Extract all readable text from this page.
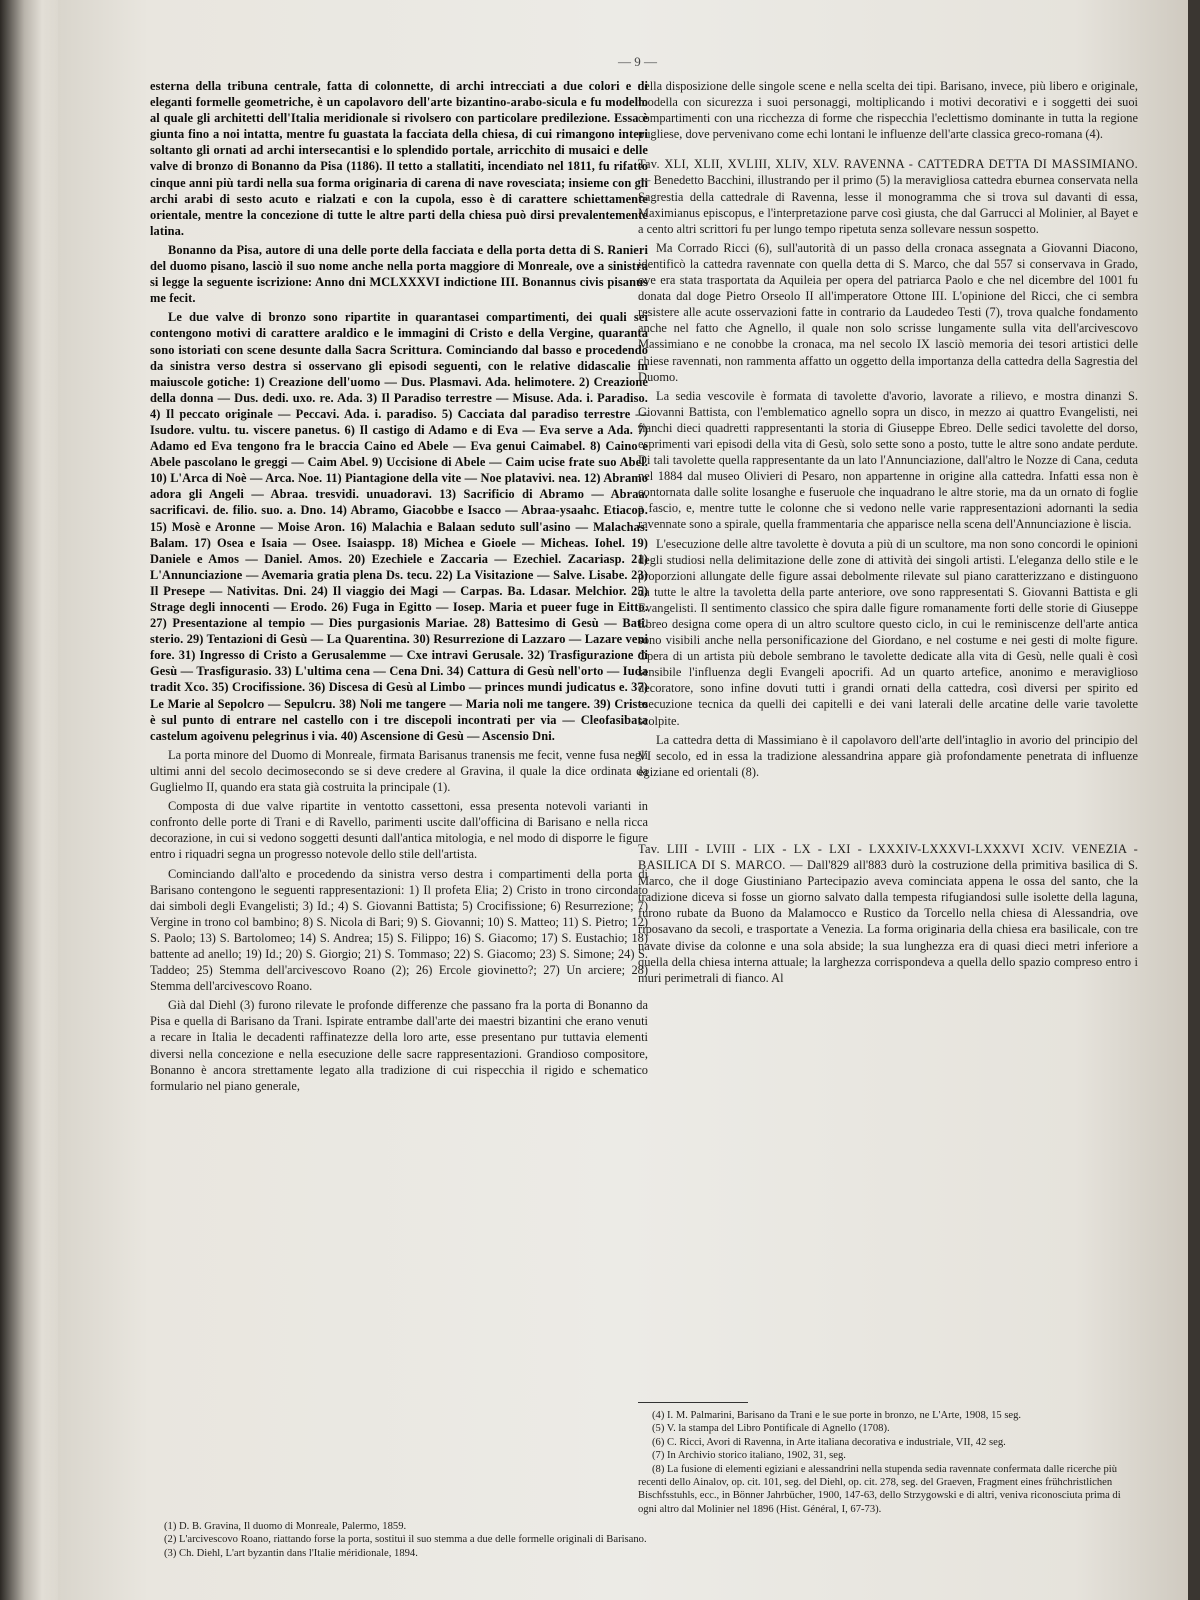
— 9 —

esterna della tribuna centrale, fatta di colonnette, di archi intrecciati a due colori e di eleganti formelle geometriche, è un capolavoro dell'arte bizantino-arabo-sicula e fu modello al quale gli architetti dell'Italia meridionale si rivolsero con particolare predilezione. Essa è giunta fino a noi intatta, mentre fu guastata la facciata della chiesa, di cui rimangono interi soltanto gli ornati ad archi intersecantisi e lo splendido portale, arricchito di musaici e delle valve di bronzo di Bonanno da Pisa (1186). Il tetto a stallatiti, incendiato nel 1811, fu rifatto cinque anni più tardi nella sua forma originaria di carena di nave rovesciata; insieme con gli archi arabi di sesto acuto e rialzati e con la cupola, esso è di carattere schiettamente orientale, mentre la concezione di tutte le altre parti della chiesa può dirsi prevalentemente latina.

Bonanno da Pisa, autore di una delle porte della facciata e della porta detta di S. Ranieri del duomo pisano, lasciò il suo nome anche nella porta maggiore di Monreale, ove a sinistra si legge la seguente iscrizione: Anno dni MCLXXXVI indictione III. Bonannus civis pisanus me fecit.

Le due valve di bronzo sono ripartite in quarantasei compartimenti, dei quali sei contengono motivi di carattere araldico e le immagini di Cristo e della Vergine, quaranta sono istoriati con scene desunte dalla Sacra Scrittura. Cominciando dal basso e procedendo da sinistra verso destra si osservano gli episodi seguenti, con le relative didascalie in maiuscole gotiche: 1) Creazione dell'uomo — Dus. Plasmavi. Ada. helimotere. 2) Creazione della donna — Dus. dedi. uxo. re. Ada. 3) Il Paradiso terrestre — Misuse. Ada. i. Paradiso. 4) Il peccato originale — Peccavi. Ada. i. paradiso. 5) Cacciata dal paradiso terrestre — Isudore. vultu. tu. viscere panetus. 6) Il castigo di Adamo e di Eva — Eva serve a Ada. 7) Adamo ed Eva tengono fra le braccia Caino ed Abele — Eva genui Caimabel. 8) Caino e Abele pascolano le greggi — Caim Abel. 9) Uccisione di Abele — Caim ucise frate suo Abel. 10) L'Arca di Noè — Arca. Noe. 11) Piantagione della vite — Noe platavivi. nea. 12) Abramo adora gli Angeli — Abraa. tresvidi. unuadoravi. 13) Sacrificio di Abramo — Abraa. sacrificavi. de. filio. suo. a. Dno. 14) Abramo, Giacobbe e Isacco — Abraa-ysaahc. Etiacop. 15) Mosè e Aronne — Moise Aron. 16) Malachia e Balaan seduto sull'asino — Malachas. Balam. 17) Osea e Isaia — Osee. Isaiaspp. 18) Michea e Gioele — Micheas. Iohel. 19) Daniele e Amos — Daniel. Amos. 20) Ezechiele e Zaccaria — Ezechiel. Zacariasp. 21) L'Annunciazione — Avemaria gratia plena Ds. tecu. 22) La Visitazione — Salve. Lisabe. 23) Il Presepe — Nativitas. Dni. 24) Il viaggio dei Magi — Carpas. Ba. Ldasar. Melchior. 25) Strage degli innocenti — Erodo. 26) Fuga in Egitto — Iosep. Maria et pueer fuge in Eitto. 27) Presentazione al tempio — Dies purgasionis Mariae. 28) Battesimo di Gesù — Bati. sterio. 29) Tentazioni di Gesù — La Quarentina. 30) Resurrezione di Lazzaro — Lazare veni fore. 31) Ingresso di Cristo a Gerusalemme — Cxe intravi Gerusale. 32) Trasfigurazione di Gesù — Trasfigurasio. 33) L'ultima cena — Cena Dni. 34) Cattura di Gesù nell'orto — Iuda tradit Xco. 35) Crocifissione. 36) Discesa di Gesù al Limbo — princes mundi judicatus e. 37) Le Marie al Sepolcro — Sepulcru. 38) Noli me tangere — Maria noli me tangere. 39) Cristo è sul punto di entrare nel castello con i tre discepoli incontrati per via — Cleofasibata castelum agoivenu pelegrinus i via. 40) Ascensione di Gesù — Ascensio Dni.

La porta minore del Duomo di Monreale, firmata Barisanus tranensis me fecit, venne fusa negli ultimi anni del secolo decimosecondo se si deve credere al Gravina, il quale la dice ordinata da Guglielmo II, quando era stata già costruita la principale (1).

Composta di due valve ripartite in ventotto cassettoni, essa presenta notevoli varianti in confronto delle porte di Trani e di Ravello, parimenti uscite dall'officina di Barisano e nella ricca decorazione, in cui si vedono soggetti desunti dall'antica mitologia, e nel modo di disporre le figure entro i riquadri segna un progresso notevole dello stile dell'artista.

Cominciando dall'alto e procedendo da sinistra verso destra i compartimenti della porta di Barisano contengono le seguenti rappresentazioni: 1) Il profeta Elia; 2) Cristo in trono circondato dai simboli degli Evangelisti; 3) Id.; 4) S. Giovanni Battista; 5) Crocifissione; 6) Resurrezione; 7) Vergine in trono col bambino; 8) S. Nicola di Bari; 9) S. Giovanni; 10) S. Matteo; 11) S. Pietro; 12) S. Paolo; 13) S. Bartolomeo; 14) S. Andrea; 15) S. Filippo; 16) S. Giacomo; 17) S. Eustachio; 18) battente ad anello; 19) Id.; 20) S. Giorgio; 21) S. Tommaso; 22) S. Giacomo; 23) S. Simone; 24) S. Taddeo; 25) Stemma dell'arcivescovo Roano (2); 26) Ercole giovinetto?; 27) Un arciere; 28) Stemma dell'arcivescovo Roano.

Già dal Diehl (3) furono rilevate le profonde differenze che passano fra la porta di Bonanno da Pisa e quella di Barisano da Trani. Ispirate entrambe dall'arte dei maestri bizantini che erano venuti a recare in Italia le decadenti raffinatezze della loro arte, esse presentano pur tuttavia elementi diversi nella concezione e nella esecuzione delle sacre rappresentazioni. Grandioso compositore, Bonanno è ancora strettamente legato alla tradizione di cui rispecchia il rigido e schematico formulario nel piano generale,

nella disposizione delle singole scene e nella scelta dei tipi. Barisano, invece, più libero e originale, modella con sicurezza i suoi personaggi, moltiplicando i motivi decorativi e i soggetti dei suoi compartimenti con una ricchezza di forme che rispecchia l'eclettismo dominante in tutta la regione pugliese, dove pervenivano come echi lontani le influenze dell'arte classica greco-romana (4).

Tav. XLI, XLII, XVLIII, XLIV, XLV. RAVENNA - CATTEDRA DETTA DI MASSIMIANO. — Benedetto Bacchini, illustrando per il primo (5) la meravigliosa cattedra eburnea conservata nella Sagrestia della cattedrale di Ravenna, lesse il monogramma che si trova sul davanti di essa, Maximianus episcopus, e l'interpretazione parve così giusta, che dal Garrucci al Molinier, al Bayet e a cento altri scrittori fu per lungo tempo ripetuta senza sollevare nessun sospetto.

Ma Corrado Ricci (6), sull'autorità di un passo della cronaca assegnata a Giovanni Diacono, identificò la cattedra ravennate con quella detta di S. Marco, che dal 557 si conservava in Grado, ove era stata trasportata da Aquileia per opera del patriarca Paolo e che nel dicembre del 1001 fu donata dal doge Pietro Orseolo II all'imperatore Ottone III. L'opinione del Ricci, che ci sembra resistere alle acute osservazioni fatte in contrario da Laudedeo Testi (7), trova qualche fondamento anche nel fatto che Agnello, il quale non solo scrisse lungamente sulla vita dell'arcivescovo Massimiano e ne conobbe la cronaca, ma nel secolo IX lasciò memoria dei tesori artistici delle chiese ravennati, non rammenta affatto un oggetto della importanza della cattedra della Sagrestia del Duomo.

La sedia vescovile è formata di tavolette d'avorio, lavorate a rilievo, e mostra dinanzi S. Giovanni Battista, con l'emblematico agnello sopra un disco, in mezzo ai quattro Evangelisti, nei fianchi dieci quadretti rappresentanti la storia di Giuseppe Ebreo. Delle sedici tavolette del dorso, esprimenti vari episodi della vita di Gesù, solo sette sono a posto, tutte le altre sono andate perdute. Di tali tavolette quella rappresentante da un lato l'Annunciazione, dall'altro le Nozze di Cana, ceduta nel 1884 dal museo Olivieri di Pesaro, non appartenne in origine alla cattedra. Infatti essa non è contornata dalle solite losanghe e fuseruole che inquadrano le altre storie, ma da un ornato di foglie a fascio, e, mentre tutte le colonne che si vedono nelle varie rappresentazioni adornanti la sedia ravennate sono a spirale, quella frammentaria che apparisce nella scena dell'Annunciazione è liscia.

L'esecuzione delle altre tavolette è dovuta a più di un scultore, ma non sono concordi le opinioni degli studiosi nella delimitazione delle zone di attività dei singoli artisti. L'eleganza dello stile e le proporzioni allungate delle figure assai debolmente rilevate sul piano caratterizzano e distinguono da tutte le altre la tavoletta della parte anteriore, ove sono rappresentati S. Giovanni Battista e gli Evangelisti. Il sentimento classico che spira dalle figure romanamente forti delle storie di Giuseppe Ebreo designa come opera di un altro scultore questo ciclo, in cui le reminiscenze dell'arte antica sono visibili anche nella personificazione del Giordano, e nel costume e nei gesti di molte figure. Opera di un artista più debole sembrano le tavolette dedicate alla vita di Gesù, nelle quali è così sensibile l'influenza degli Evangeli apocrifi. Ad un quarto artefice, anonimo e meraviglioso decoratore, sono infine dovuti tutti i grandi ornati della cattedra, così diversi per spirito ed esecuzione tecnica da quelli dei capitelli e dei vani laterali delle arcatine delle varie tavolette scolpite.

La cattedra detta di Massimiano è il capolavoro dell'arte dell'intaglio in avorio del principio del VI secolo, ed in essa la tradizione alessandrina appare già profondamente penetrata di influenze egiziane ed orientali (8).

Tav. LIII - LVIII - LIX - LX - LXI - LXXXIV-LXXXVI-LXXXVI XCIV. VENEZIA - BASILICA DI S. MARCO. — Dall'829 all'883 durò la costruzione della primitiva basilica di S. Marco, che il doge Giustiniano Partecipazio aveva cominciata appena le ossa del santo, che la tradizione diceva si fosse un giorno salvato dalla tempesta rifugiandosi sulle isolette della laguna, furono rubate da Buono da Malamocco e Rustico da Torcello nella chiesa di Alessandria, ove riposavano da secoli, e trasportate a Venezia. La forma originaria della chiesa era basilicale, con tre navate divise da colonne e una sola abside; la sua lunghezza era di quasi dieci metri inferiore a quella della chiesa interna attuale; la larghezza corrispondeva a quella dello spazio compreso entro i muri perimetrali di fianco. Al

(1) D. B. Gravina, Il duomo di Monreale, Palermo, 1859.

(2) L'arcivescovo Roano, riattando forse la porta, sostituì il suo stemma a due delle formelle originali di Barisano.

(3) Ch. Diehl, L'art byzantin dans l'Italie méridionale, 1894.

(4) I. M. Palmarini, Barisano da Trani e le sue porte in bronzo, ne L'Arte, 1908, 15 seg.

(5) V. la stampa del Libro Pontificale di Agnello (1708).

(6) C. Ricci, Avori di Ravenna, in Arte italiana decorativa e industriale, VII, 42 seg.

(7) In Archivio storico italiano, 1902, 31, seg.

(8) La fusione di elementi egiziani e alessandrini nella stupenda sedia ravennate confermata dalle ricerche più recenti dello Ainalov, op. cit. 101, seg. del Diehl, op. cit. 278, seg. del Graeven, Fragment eines frühchristlichen Bischfsstuhls, ecc., in Bönner Jahrbücher, 1900, 147-63, dello Strzygowski e di altri, veniva riconosciuta prima di ogni altro dal Molinier nel 1896 (Hist. Général, I, 67-73).
